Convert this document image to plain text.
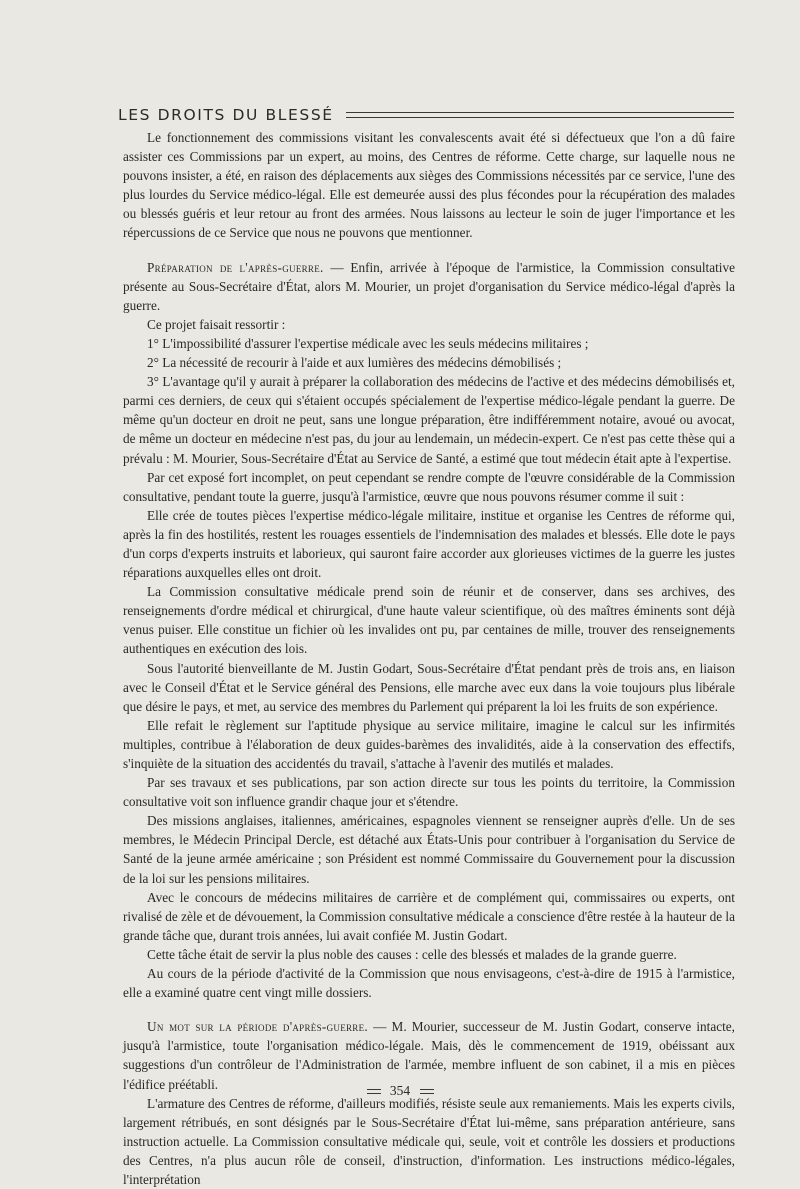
LES DROITS DU BLESSÉ

Le fonctionnement des commissions visitant les convalescents avait été si défectueux que l'on a dû faire assister ces Commissions par un expert, au moins, des Centres de réforme. Cette charge, sur laquelle nous ne pouvons insister, a été, en raison des déplacements aux sièges des Commissions nécessités par ce service, l'une des plus lourdes du Service médico-légal. Elle est demeurée aussi des plus fécondes pour la récupération des malades ou blessés guéris et leur retour au front des armées. Nous laissons au lecteur le soin de juger l'importance et les répercussions de ce Service que nous ne pouvons que mentionner.

Préparation de l'après-guerre. — Enfin, arrivée à l'époque de l'armistice, la Commission consultative présente au Sous-Secrétaire d'État, alors M. Mourier, un projet d'organisation du Service médico-légal d'après la guerre.

Ce projet faisait ressortir :

1° L'impossibilité d'assurer l'expertise médicale avec les seuls médecins militaires ;

2° La nécessité de recourir à l'aide et aux lumières des médecins démobilisés ;

3° L'avantage qu'il y aurait à préparer la collaboration des médecins de l'active et des médecins démobilisés et, parmi ces derniers, de ceux qui s'étaient occupés spécialement de l'expertise médico-légale pendant la guerre. De même qu'un docteur en droit ne peut, sans une longue préparation, être indifféremment notaire, avoué ou avocat, de même un docteur en médecine n'est pas, du jour au lendemain, un médecin-expert. Ce n'est pas cette thèse qui a prévalu : M. Mourier, Sous-Secrétaire d'État au Service de Santé, a estimé que tout médecin était apte à l'expertise.

Par cet exposé fort incomplet, on peut cependant se rendre compte de l'œuvre considérable de la Commission consultative, pendant toute la guerre, jusqu'à l'armistice, œuvre que nous pouvons résumer comme il suit :

Elle crée de toutes pièces l'expertise médico-légale militaire, institue et organise les Centres de réforme qui, après la fin des hostilités, restent les rouages essentiels de l'indemnisation des malades et blessés. Elle dote le pays d'un corps d'experts instruits et laborieux, qui sauront faire accorder aux glorieuses victimes de la guerre les justes réparations auxquelles elles ont droit.

La Commission consultative médicale prend soin de réunir et de conserver, dans ses archives, des renseignements d'ordre médical et chirurgical, d'une haute valeur scientifique, où des maîtres éminents sont déjà venus puiser. Elle constitue un fichier où les invalides ont pu, par centaines de mille, trouver des renseignements authentiques en exécution des lois.

Sous l'autorité bienveillante de M. Justin Godart, Sous-Secrétaire d'État pendant près de trois ans, en liaison avec le Conseil d'État et le Service général des Pensions, elle marche avec eux dans la voie toujours plus libérale que désire le pays, et met, au service des membres du Parlement qui préparent la loi les fruits de son expérience.

Elle refait le règlement sur l'aptitude physique au service militaire, imagine le calcul sur les infirmités multiples, contribue à l'élaboration de deux guides-barèmes des invalidités, aide à la conservation des effectifs, s'inquiète de la situation des accidentés du travail, s'attache à l'avenir des mutilés et malades.

Par ses travaux et ses publications, par son action directe sur tous les points du territoire, la Commission consultative voit son influence grandir chaque jour et s'étendre.

Des missions anglaises, italiennes, américaines, espagnoles viennent se renseigner auprès d'elle. Un de ses membres, le Médecin Principal Dercle, est détaché aux États-Unis pour contribuer à l'organisation du Service de Santé de la jeune armée américaine ; son Président est nommé Commissaire du Gouvernement pour la discussion de la loi sur les pensions militaires.

Avec le concours de médecins militaires de carrière et de complément qui, commissaires ou experts, ont rivalisé de zèle et de dévouement, la Commission consultative médicale a conscience d'être restée à la hauteur de la grande tâche que, durant trois années, lui avait confiée M. Justin Godart.

Cette tâche était de servir la plus noble des causes : celle des blessés et malades de la grande guerre.

Au cours de la période d'activité de la Commission que nous envisageons, c'est-à-dire de 1915 à l'armistice, elle a examiné quatre cent vingt mille dossiers.

Un mot sur la période d'après-guerre. — M. Mourier, successeur de M. Justin Godart, conserve intacte, jusqu'à l'armistice, toute l'organisation médico-légale. Mais, dès le commencement de 1919, obéissant aux suggestions d'un contrôleur de l'Administration de l'armée, membre influent de son cabinet, il a mis en pièces l'édifice préétabli.

L'armature des Centres de réforme, d'ailleurs modifiés, résiste seule aux remaniements. Mais les experts civils, largement rétribués, en sont désignés par le Sous-Secrétaire d'État lui-même, sans préparation antérieure, sans instruction actuelle. La Commission consultative médicale qui, seule, voit et contrôle les dossiers et productions des Centres, n'a plus aucun rôle de conseil, d'instruction, d'information. Les instructions médico-légales, l'interprétation

354
